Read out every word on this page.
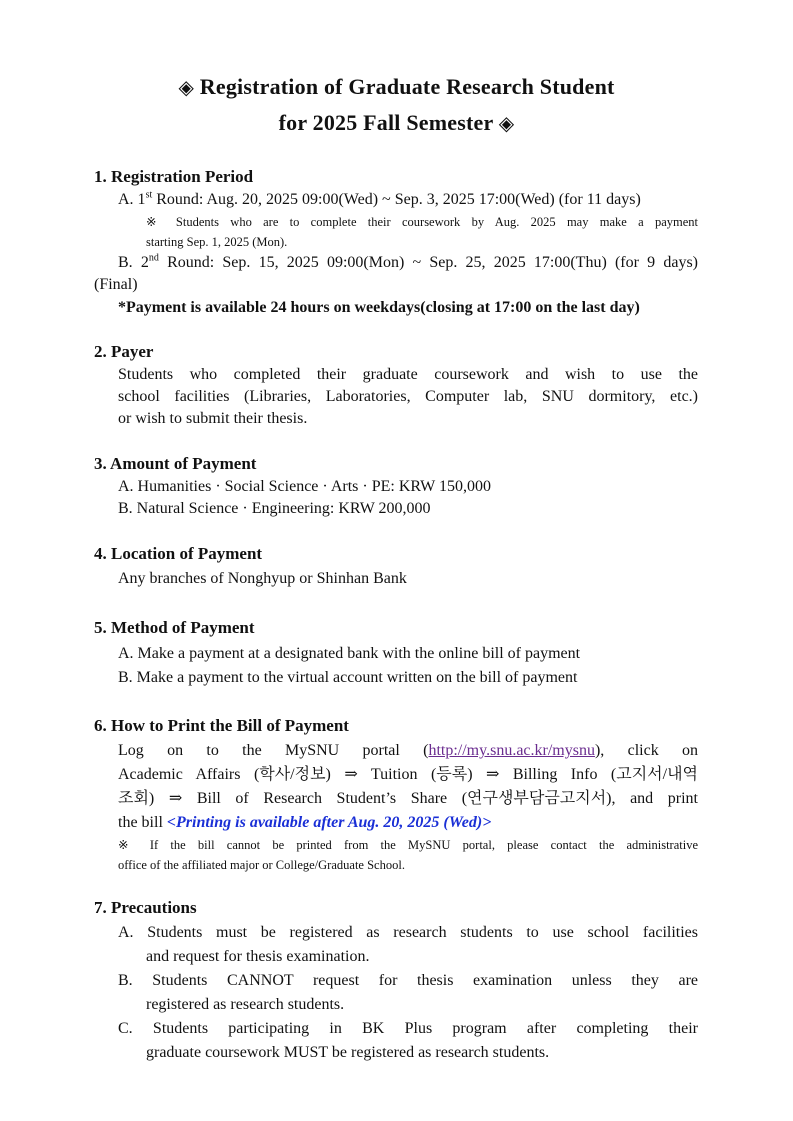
◈ Registration of Graduate Research Student
for 2025 Fall Semester ◈
1. Registration Period
A. 1st Round: Aug. 20, 2025 09:00(Wed) ~ Sep. 3, 2025 17:00(Wed) (for 11 days)
※ Students who are to complete their coursework by Aug. 2025 may make a payment
starting Sep. 1, 2025 (Mon).
B. 2nd Round: Sep. 15, 2025 09:00(Mon) ~ Sep. 25, 2025 17:00(Thu) (for 9 days)
(Final)
*Payment is available 24 hours on weekdays(closing at 17:00 on the last day)
2. Payer
Students who completed their graduate coursework and wish to use the
school facilities (Libraries, Laboratories, Computer lab, SNU dormitory, etc.)
or wish to submit their thesis.
3. Amount of Payment
A. Humanities · Social Science · Arts · PE: KRW 150,000
B. Natural Science · Engineering: KRW 200,000
4. Location of Payment
Any branches of Nonghyup or Shinhan Bank
5. Method of Payment
A. Make a payment at a designated bank with the online bill of payment
B. Make a payment to the virtual account written on the bill of payment
6. How to Print the Bill of Payment
Log on to the MySNU portal (http://my.snu.ac.kr/mysnu), click on
Academic Affairs (학사/정보) ⇒ Tuition (등록) ⇒ Billing Info (고지서/내역
조회) ⇒ Bill of Research Student’s Share (연구생부담금고지서), and print
the bill <Printing is available after Aug. 20, 2025 (Wed)>
※ If the bill cannot be printed from the MySNU portal, please contact the administrative
office of the affiliated major or College/Graduate School.
7. Precautions
A. Students must be registered as research students to use school facilities
and request for thesis examination.
B. Students CANNOT request for thesis examination unless they are
registered as research students.
C. Students participating in BK Plus program after completing their
graduate coursework MUST be registered as research students.
